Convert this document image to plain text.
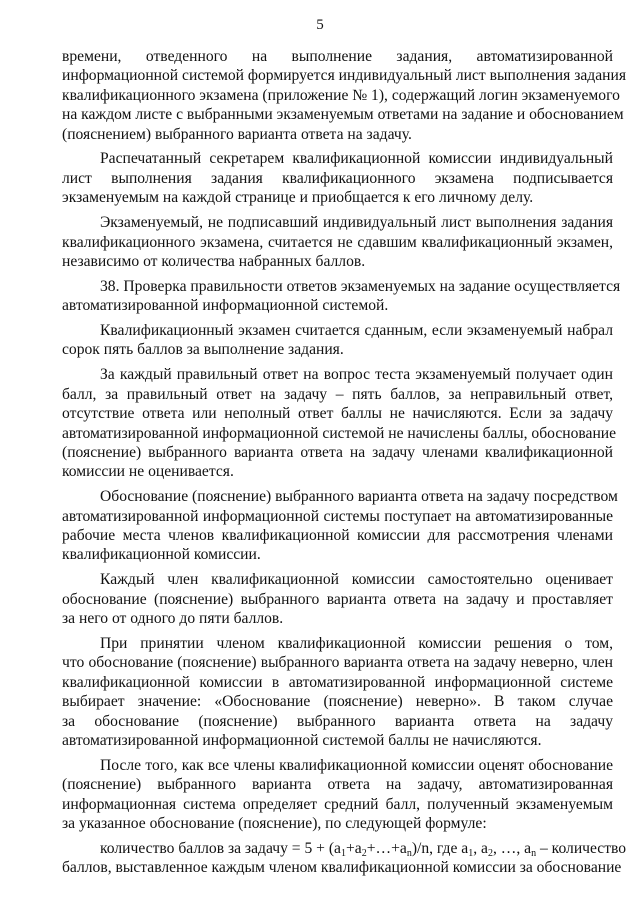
5
времени, отведенного на выполнение задания, автоматизированной
информационной системой формируется индивидуальный лист выполнения задания
квалификационного экзамена (приложение № 1), содержащий логин экзаменуемого
на каждом листе с выбранными экзаменуемым ответами на задание и обоснованием
(пояснением) выбранного варианта ответа на задачу.
Распечатанный секретарем квалификационной комиссии индивидуальный
лист выполнения задания квалификационного экзамена подписывается
экзаменуемым на каждой странице и приобщается к его личному делу.
Экзаменуемый, не подписавший индивидуальный лист выполнения задания
квалификационного экзамена, считается не сдавшим квалификационный экзамен,
независимо от количества набранных баллов.
38. Проверка правильности ответов экзаменуемых на задание осуществляется
автоматизированной информационной системой.
Квалификационный экзамен считается сданным, если экзаменуемый набрал
сорок пять баллов за выполнение задания.
За каждый правильный ответ на вопрос теста экзаменуемый получает один
балл, за правильный ответ на задачу – пять баллов, за неправильный ответ,
отсутствие ответа или неполный ответ баллы не начисляются. Если за задачу
автоматизированной информационной системой не начислены баллы, обоснование
(пояснение) выбранного варианта ответа на задачу членами квалификационной
комиссии не оценивается.
Обоснование (пояснение) выбранного варианта ответа на задачу посредством
автоматизированной информационной системы поступает на автоматизированные
рабочие места членов квалификационной комиссии для рассмотрения членами
квалификационной комиссии.
Каждый член квалификационной комиссии самостоятельно оценивает
обоснование (пояснение) выбранного варианта ответа на задачу и проставляет
за него от одного до пяти баллов.
При принятии членом квалификационной комиссии решения о том,
что обоснование (пояснение) выбранного варианта ответа на задачу неверно, член
квалификационной комиссии в автоматизированной информационной системе
выбирает значение: «Обоснование (пояснение) неверно». В таком случае
за обоснование (пояснение) выбранного варианта ответа на задачу
автоматизированной информационной системой баллы не начисляются.
После того, как все члены квалификационной комиссии оценят обоснование
(пояснение) выбранного варианта ответа на задачу, автоматизированная
информационная система определяет средний балл, полученный экзаменуемым
за указанное обоснование (пояснение), по следующей формуле:
количество баллов за задачу = $5 + (a_1+a_2+\dots+a_n)/n$, где $a_1$, $a_2$, …, $a_n$ – количество
баллов, выставленное каждым членом квалификационной комиссии за обоснование
